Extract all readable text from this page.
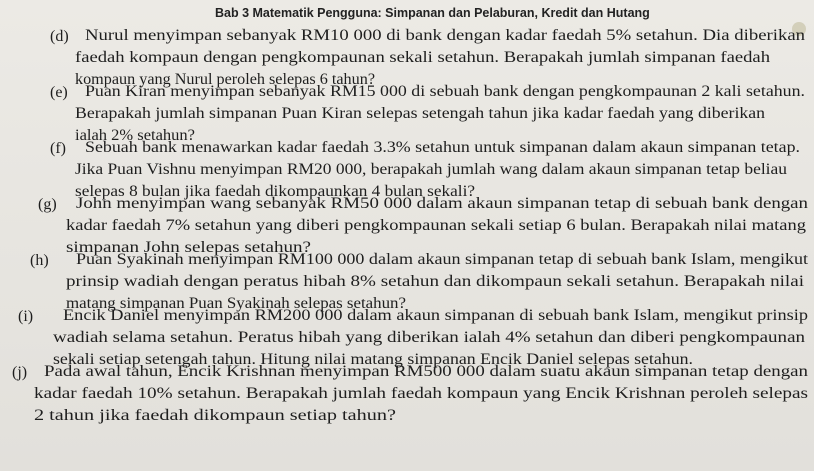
Bab 3 Matematik Pengguna: Simpanan dan Pelaburan, Kredit dan Hutang
(d) Nurul menyimpan sebanyak RM10 000 di bank dengan kadar faedah 5% setahun. Dia diberikan
faedah kompaun dengan pengkompaunan sekali setahun. Berapakah jumlah simpanan faedah
kompaun yang Nurul peroleh selepas 6 tahun?
(e) Puan Kiran menyimpan sebanyak RM15 000 di sebuah bank dengan pengkompaunan 2 kali setahun.
Berapakah jumlah simpanan Puan Kiran selepas setengah tahun jika kadar faedah yang diberikan
ialah 2% setahun?
(f) Sebuah bank menawarkan kadar faedah 3.3% setahun untuk simpanan dalam akaun simpanan tetap.
Jika Puan Vishnu menyimpan RM20 000, berapakah jumlah wang dalam akaun simpanan tetap beliau
selepas 8 bulan jika faedah dikompaunkan 4 bulan sekali?
(g) John menyimpan wang sebanyak RM50 000 dalam akaun simpanan tetap di sebuah bank dengan
kadar faedah 7% setahun yang diberi pengkompaunan sekali setiap 6 bulan. Berapakah nilai matang
simpanan John selepas setahun?
(h) Puan Syakinah menyimpan RM100 000 dalam akaun simpanan tetap di sebuah bank Islam, mengikut
prinsip wadiah dengan peratus hibah 8% setahun dan dikompaun sekali setahun. Berapakah nilai
matang simpanan Puan Syakinah selepas setahun?
(i) Encik Daniel menyimpan RM200 000 dalam akaun simpanan di sebuah bank Islam, mengikut prinsip
wadiah selama setahun. Peratus hibah yang diberikan ialah 4% setahun dan diberi pengkompaunan
sekali setiap setengah tahun. Hitung nilai matang simpanan Encik Daniel selepas setahun.
(j) Pada awal tahun, Encik Krishnan menyimpan RM500 000 dalam suatu akaun simpanan tetap dengan
kadar faedah 10% setahun. Berapakah jumlah faedah kompaun yang Encik Krishnan peroleh selepas
2 tahun jika faedah dikompaun setiap tahun?
